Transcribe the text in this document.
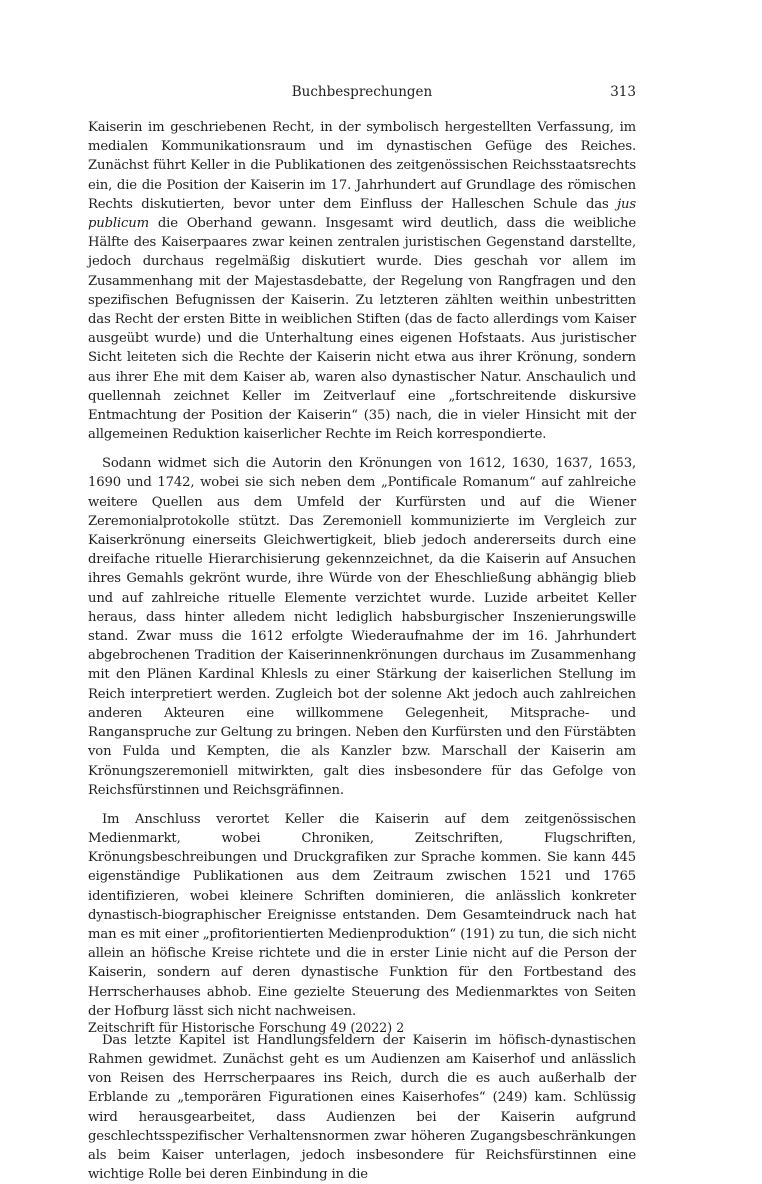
Buchbesprechungen	313

Kaiserin im geschriebenen Recht, in der symbolisch hergestellten Verfassung, im medialen Kommunikationsraum und im dynastischen Gefüge des Reiches. Zunächst führt Keller in die Publikationen des zeitgenössischen Reichsstaatsrechts ein, die die Position der Kaiserin im 17. Jahrhundert auf Grundlage des römischen Rechts diskutierten, bevor unter dem Einfluss der Halleschen Schule das jus publicum die Oberhand gewann. Insgesamt wird deutlich, dass die weibliche Hälfte des Kaiserpaares zwar keinen zentralen juristischen Gegenstand darstellte, jedoch durchaus regelmäßig diskutiert wurde. Dies geschah vor allem im Zusammenhang mit der Majestasdebatte, der Regelung von Rangfragen und den spezifischen Befugnissen der Kaiserin. Zu letzteren zählten weithin unbestritten das Recht der ersten Bitte in weiblichen Stiften (das de facto allerdings vom Kaiser ausgeübt wurde) und die Unterhaltung eines eigenen Hofstaats. Aus juristischer Sicht leiteten sich die Rechte der Kaiserin nicht etwa aus ihrer Krönung, sondern aus ihrer Ehe mit dem Kaiser ab, waren also dynastischer Natur. Anschaulich und quellennah zeichnet Keller im Zeitverlauf eine „fortschreitende diskursive Entmachtung der Position der Kaiserin“ (35) nach, die in vieler Hinsicht mit der allgemeinen Reduktion kaiserlicher Rechte im Reich korrespondierte.

Sodann widmet sich die Autorin den Krönungen von 1612, 1630, 1637, 1653, 1690 und 1742, wobei sie sich neben dem „Pontificale Romanum“ auf zahlreiche weitere Quellen aus dem Umfeld der Kurfürsten und auf die Wiener Zeremonialprotokolle stützt. Das Zeremoniell kommunizierte im Vergleich zur Kaiserkrönung einerseits Gleichwertigkeit, blieb jedoch andererseits durch eine dreifache rituelle Hierarchisierung gekennzeichnet, da die Kaiserin auf Ansuchen ihres Gemahls gekrönt wurde, ihre Würde von der Eheschließung abhängig blieb und auf zahlreiche rituelle Elemente verzichtet wurde. Luzide arbeitet Keller heraus, dass hinter alledem nicht lediglich habsburgischer Inszenierungswille stand. Zwar muss die 1612 erfolgte Wiederaufnahme der im 16. Jahrhundert abgebrochenen Tradition der Kaiserinnenkrönungen durchaus im Zusammenhang mit den Plänen Kardinal Khlesls zu einer Stärkung der kaiserlichen Stellung im Reich interpretiert werden. Zugleich bot der solenne Akt jedoch auch zahlreichen anderen Akteuren eine willkommene Gelegenheit, Mitsprache- und Ranganspruche zur Geltung zu bringen. Neben den Kurfürsten und den Fürstäbten von Fulda und Kempten, die als Kanzler bzw. Marschall der Kaiserin am Krönungszeremoniell mitwirkten, galt dies insbesondere für das Gefolge von Reichsfürstinnen und Reichsgräfinnen.

Im Anschluss verortet Keller die Kaiserin auf dem zeitgenössischen Medienmarkt, wobei Chroniken, Zeitschriften, Flugschriften, Krönungsbeschreibungen und Druckgrafiken zur Sprache kommen. Sie kann 445 eigenständige Publikationen aus dem Zeitraum zwischen 1521 und 1765 identifizieren, wobei kleinere Schriften dominieren, die anlässlich konkreter dynastisch-biographischer Ereignisse entstanden. Dem Gesamteindruck nach hat man es mit einer „profitorientierten Medienproduktion“ (191) zu tun, die sich nicht allein an höfische Kreise richtete und die in erster Linie nicht auf die Person der Kaiserin, sondern auf deren dynastische Funktion für den Fortbestand des Herrscherhauses abhob. Eine gezielte Steuerung des Medienmarktes von Seiten der Hofburg lässt sich nicht nachweisen.

Das letzte Kapitel ist Handlungsfeldern der Kaiserin im höfisch-dynastischen Rahmen gewidmet. Zunächst geht es um Audienzen am Kaiserhof und anlässlich von Reisen des Herrscherpaares ins Reich, durch die es auch außerhalb der Erblande zu „temporären Figurationen eines Kaiserhofes“ (249) kam. Schlüssig wird herausgearbeitet, dass Audienzen bei der Kaiserin aufgrund geschlechtsspezifischer Verhaltensnormen zwar höheren Zugangsbeschränkungen als beim Kaiser unterlagen, jedoch insbesondere für Reichsfürstinnen eine wichtige Rolle bei deren Einbindung in die

Zeitschrift für Historische Forschung 49 (2022) 2
